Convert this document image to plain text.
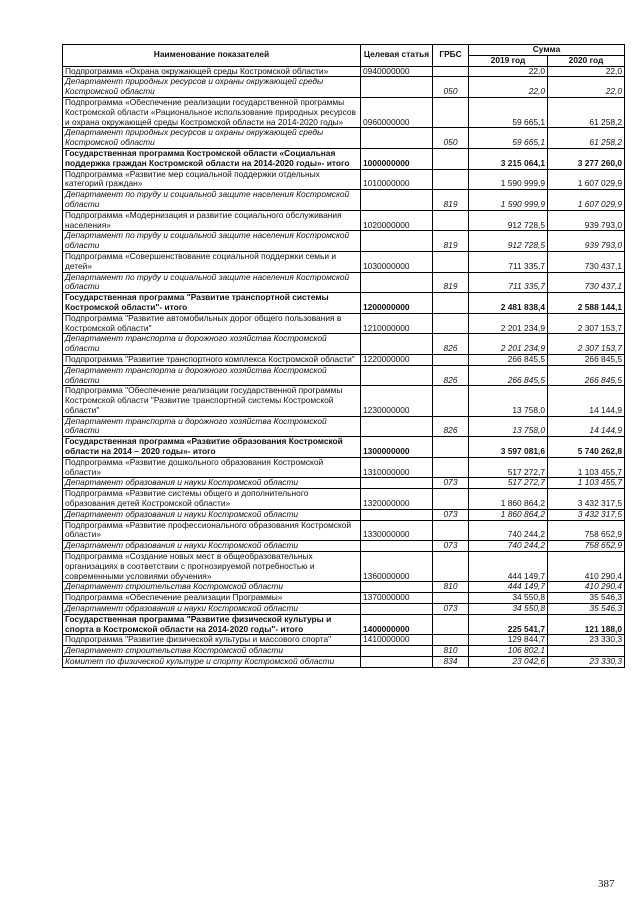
Наименование показателей	Целевая статья	ГРБС	Сумма	
			2019 год	2020 год
Подпрограмма «Охрана окружающей среды Костромской области»	0940000000		22,0	22,0
Департамент природных ресурсов и охраны окружающей среды Костромской области		050	22,0	22,0
Подпрограмма «Обеспечение реализации государственной программы Костромской области «Рациональное использование природных ресурсов и охрана окружающей среды Костромской области на 2014-2020 годы»	0960000000		59 665,1	61 258,2
Департамент природных ресурсов и охраны окружающей среды Костромской области		050	59 665,1	61 258,2
Государственная программа Костромской области «Социальная поддержка граждан Костромской области на 2014-2020 годы»- итого	1000000000		3 215 064,1	3 277 260,0
Подпрограмма «Развитие мер социальной поддержки отдельных категорий граждан»	1010000000		1 590 999,9	1 607 029,9
Департамент по труду и социальной защите населения Костромской области		819	1 590 999,9	1 607 029,9
Подпрограмма «Модернизация и развитие социального обслуживания населения»	1020000000		912 728,5	939 793,0
Департамент по труду и социальной защите населения Костромской области		819	912 728,5	939 793,0
Подпрограмма «Совершенствование социальной поддержки семьи и детей»	1030000000		711 335,7	730 437,1
Департамент по труду и социальной защите населения Костромской области		819	711 335,7	730 437,1
Государственная программа "Развитие транспортной системы Костромской области"- итого	1200000000		2 481 838,4	2 588 144,1
Подпрограмма "Развитие автомобильных дорог общего пользования в Костромской области"	1210000000		2 201 234,9	2 307 153,7
Департамент транспорта и дорожного хозяйства Костромской области		826	2 201 234,9	2 307 153,7
Подпрограмма "Развитие транспортного комплекса Костромской области"	1220000000		266 845,5	266 845,5
Департамент транспорта и дорожного хозяйства Костромской области		826	266 845,5	266 845,5
Подпрограмма "Обеспечение реализации государственной программы Костромской области "Развитие транспортной системы Костромской области"	1230000000		13 758,0	14 144,9
Департамент транспорта и дорожного хозяйства Костромской области		826	13 758,0	14 144,9
Государственная программа «Развитие образования Костромской области на 2014 – 2020 годы»- итого	1300000000		3 597 081,6	5 740 262,8
Подпрограмма «Развитие дошкольного образования Костромской области»	1310000000		517 272,7	1 103 455,7
Департамент образования и науки Костромской области		073	517 272,7	1 103 455,7
Подпрограмма «Развитие системы общего и дополнительного образования детей Костромской области»	1320000000		1 860 864,2	3 432 317,5
Департамент образования и науки Костромской области		073	1 860 864,2	3 432 317,5
Подпрограмма «Развитие профессионального образования Костромской области»	1330000000		740 244,2	758 652,9
Департамент образования и науки Костромской области		073	740 244,2	758 652,9
Подпрограмма «Создание новых мест в общеобразовательных организациях в соответствии с прогнозируемой потребностью и современными условиями обучения»	1360000000		444 149,7	410 290,4
Департамент строительства Костромской области		810	444 149,7	410 290,4
Подпрограмма «Обеспечение реализации Программы»	1370000000		34 550,8	35 546,3
Департамент образования и науки Костромской области		073	34 550,8	35 546,3
Государственная программа "Развитие физической культуры и спорта в Костромской области на 2014-2020 годы"- итого	1400000000		225 541,7	121 188,0
Подпрограмма "Развитие физической культуры и массового спорта"	1410000000		129 844,7	23 330,3
Департамент строительства Костромской области		810	106 802,1	
Комитет по физической культуре и спорту Костромской области		834	23 042,6	23 330,3
387
